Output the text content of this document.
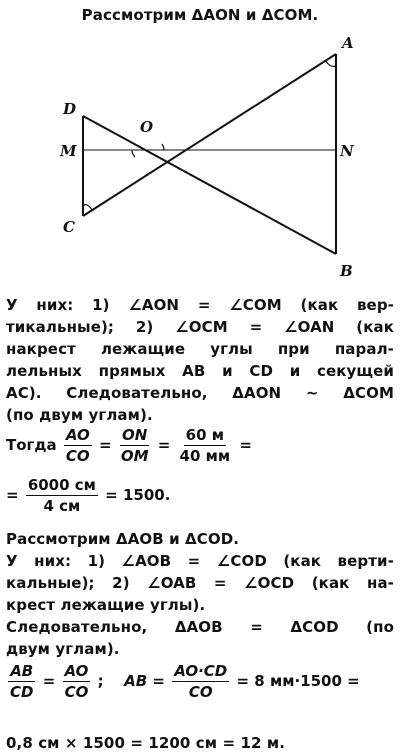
Рассмотрим ΔAON и ΔCOM.
A
D
O
M	N
C
B
У них: 1) ∠AON = ∠COM (как вер-
тикальные); 2) ∠OCM = ∠OAN (как
накрест лежащие углы при парал-
лельных прямых AB и CD и секущей
AC). Следовательно, ΔAON ~ ΔCOM
(по двум углам).
Тогда $\frac{AO}{CO} = \frac{ON}{OM} = \frac{60 м}{40 мм}$ =
= $\frac{6000 см}{4 см} = 1500$.
Рассмотрим ΔAOB и ΔCOD.
У них: 1) ∠AOB = ∠COD (как верти-
кальные); 2) ∠OAB = ∠OCD (как на-
крест лежащие углы).
Следовательно, ΔAOB = ΔCOD (по
двум углам).
$\frac{AB}{CD} = \frac{AO}{CO}$ ; AB = $\frac{AO\cdot CD}{CO} = 8$ мм·1500 =
0,8 см × 1500 = 1200 см = 12 м.
